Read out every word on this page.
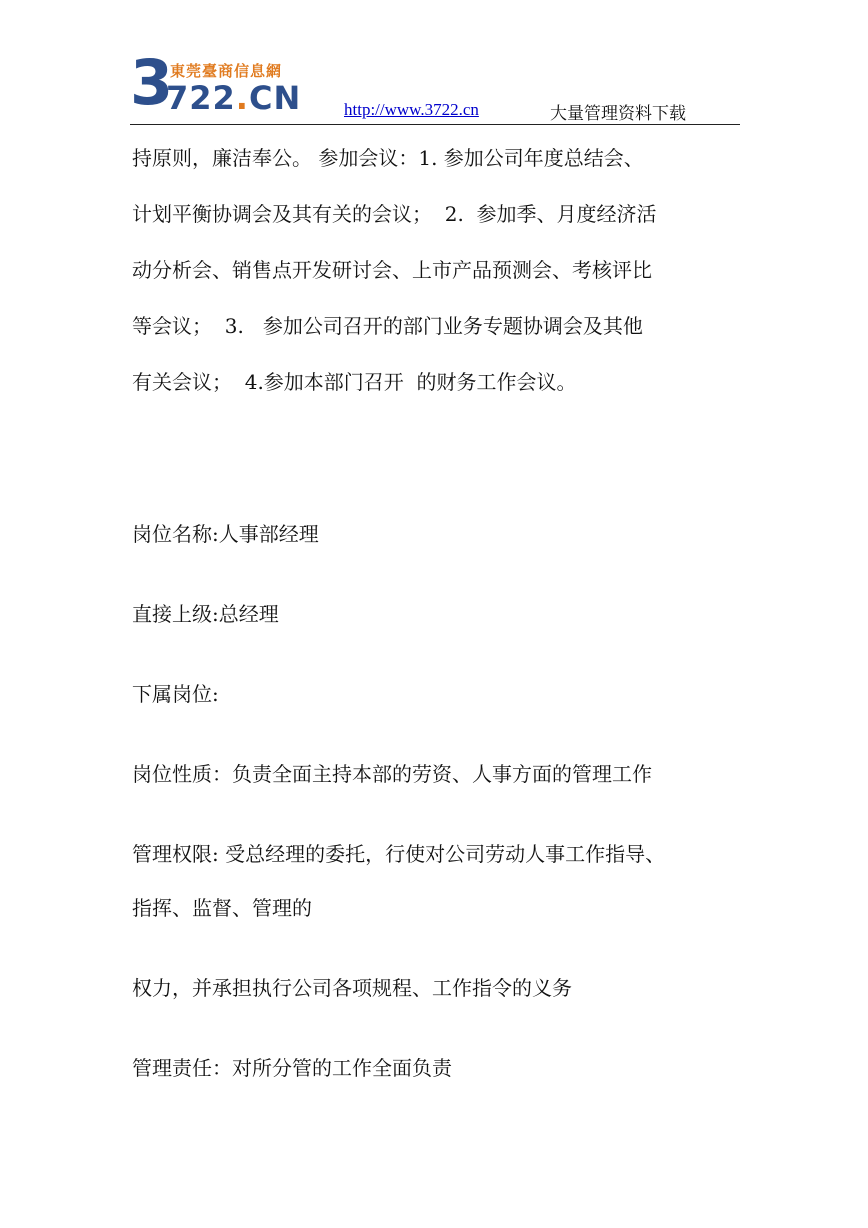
3
東莞臺商信息網
722.CN	http://www.3722.cn	大量管理资料下载
持原则，廉洁奉公。 参加会议：1. 参加公司年度总结会、
计划平衡协调会及其有关的会议；  2.  参加季、月度经济活
动分析会、销售点开发研讨会、上市产品预测会、考核评比
等会议；  3.   参加公司召开的部门业务专题协调会及其他
有关会议；  4.参加本部门召开  的财务工作会议。
岗位名称:人事部经理
直接上级:总经理
下属岗位:
岗位性质：负责全面主持本部的劳资、人事方面的管理工作
管理权限: 受总经理的委托，行使对公司劳动人事工作指导、
指挥、监督、管理的
权力，并承担执行公司各项规程、工作指令的义务
管理责任：对所分管的工作全面负责
